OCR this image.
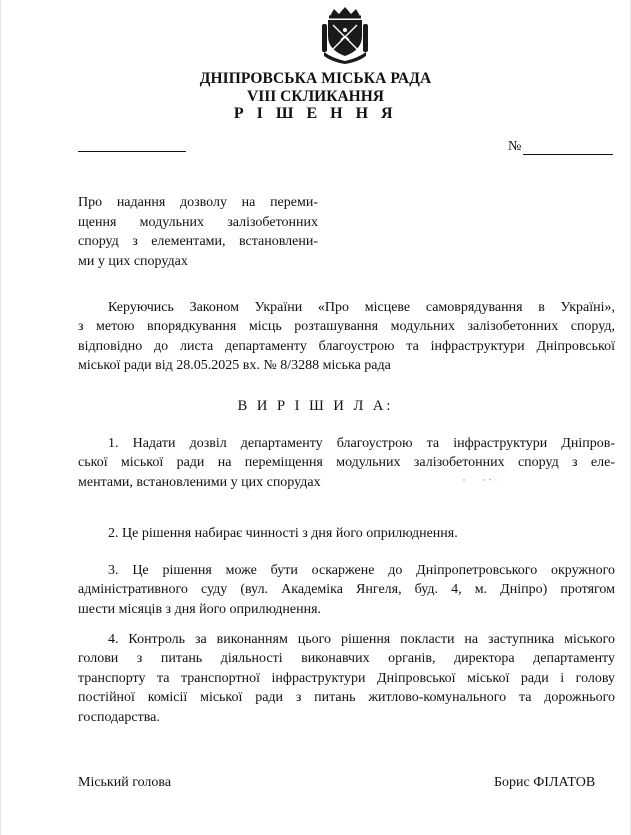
ДНІПРОВСЬКА МІСЬКА РАДА
VIII СКЛИКАННЯ
Р І Ш Е Н Н Я
№
Про надання дозволу на переми-
щення модульних залізобетонних
споруд з елементами, встановлени-
ми у цих спорудах
Керуючись Законом України «Про місцеве самоврядування в Україні»,
з метою впорядкування місць розташування модульних залізобетонних споруд,
відповідно до листа департаменту благоустрою та інфраструктури Дніпровської
міської ради від 28.05.2025 вх. № 8/3288 міська рада
В И Р І Ш И Л А:
1. Надати дозвіл департаменту благоустрою та інфраструктури Дніпров-
ської міської ради на переміщення модульних залізобетонних споруд з еле-
ментами, встановленими у цих спорудах
2. Це рішення набирає чинності з дня його оприлюднення.
3. Це рішення може бути оскаржене до Дніпропетровського окружного
адміністративного суду (вул. Академіка Янгеля, буд. 4, м. Дніпро) протягом
шести місяців з дня його оприлюднення.
4. Контроль за виконанням цього рішення покласти на заступника міського
голови з питань діяльності виконавчих органів, директора департаменту
транспорту та транспортної інфраструктури Дніпровської міської ради і голову
постійної комісії міської ради з питань житлово-комунального та дорожнього
господарства.
Міський голова	Борис ФІЛАТОВ
